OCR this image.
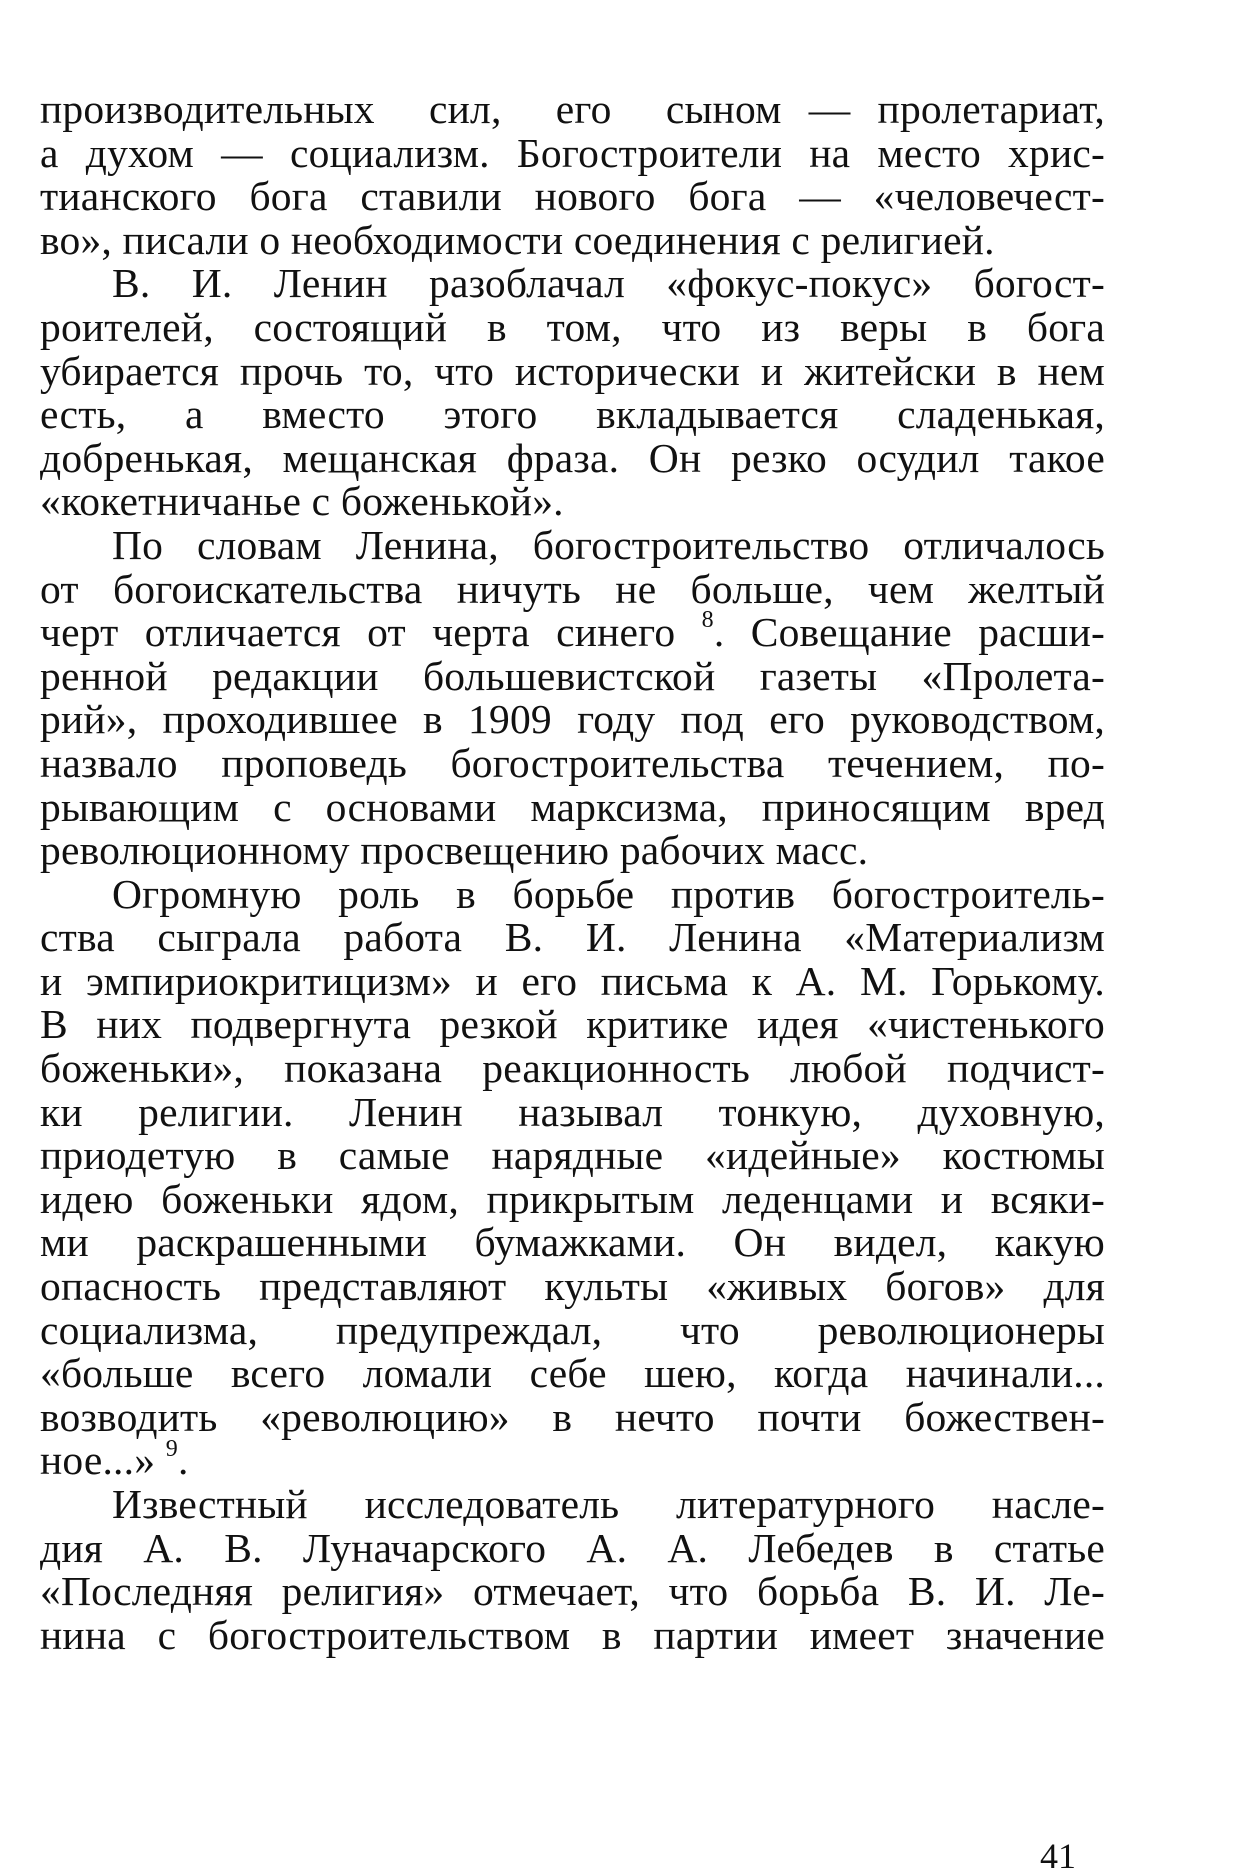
производительных  сил,  его  сыном — пролетариат,
а духом — социализм. Богостроители на место хрис-
тианского бога ставили нового бога — «человечест-
во», писали о необходимости соединения с религией.
В. И. Ленин разоблачал «фокус-покус» богост-
роителей, состоящий в том, что из веры в бога
убирается прочь то, что исторически и житейски в нем
есть,  а  вместо  этого  вкладывается  сладенькая,
добренькая, мещанская фраза. Он резко осудил такое
«кокетничанье с боженькой».
По словам Ленина, богостроительство отличалось
от богоискательства ничуть не больше, чем желтый
черт отличается от черта синего $^8$. Совещание расши-
ренной редакции большевистской газеты «Пролета-
рий», проходившее в 1909 году под его руководством,
назвало проповедь богостроительства течением, по-
рывающим с основами марксизма, приносящим вред
революционному просвещению рабочих масс.
Огромную роль в борьбе против богостроитель-
ства сыграла работа В. И. Ленина «Материализм
и эмпириокритицизм» и его письма к А. М. Горькому.
В них подвергнута резкой критике идея «чистенького
боженьки», показана реакционность любой подчист-
ки  религии.  Ленин  называл  тонкую,  духовную,
приодетую в самые нарядные «идейные» костюмы
идею боженьки ядом, прикрытым леденцами и всяки-
ми раскрашенными бумажками. Он видел, какую
опасность представляют культы «живых богов» для
социализма,  предупреждал,  что  революционеры
«больше всего ломали себе шею, когда начинали...
возводить «революцию» в нечто почти божествен-
ное...» $^9$.
Известный исследователь литературного насле-
дия А. В. Луначарского А. А. Лебедев в статье
«Последняя религия» отмечает, что борьба В. И. Ле-
нина с богостроительством в партии имеет значение
41
